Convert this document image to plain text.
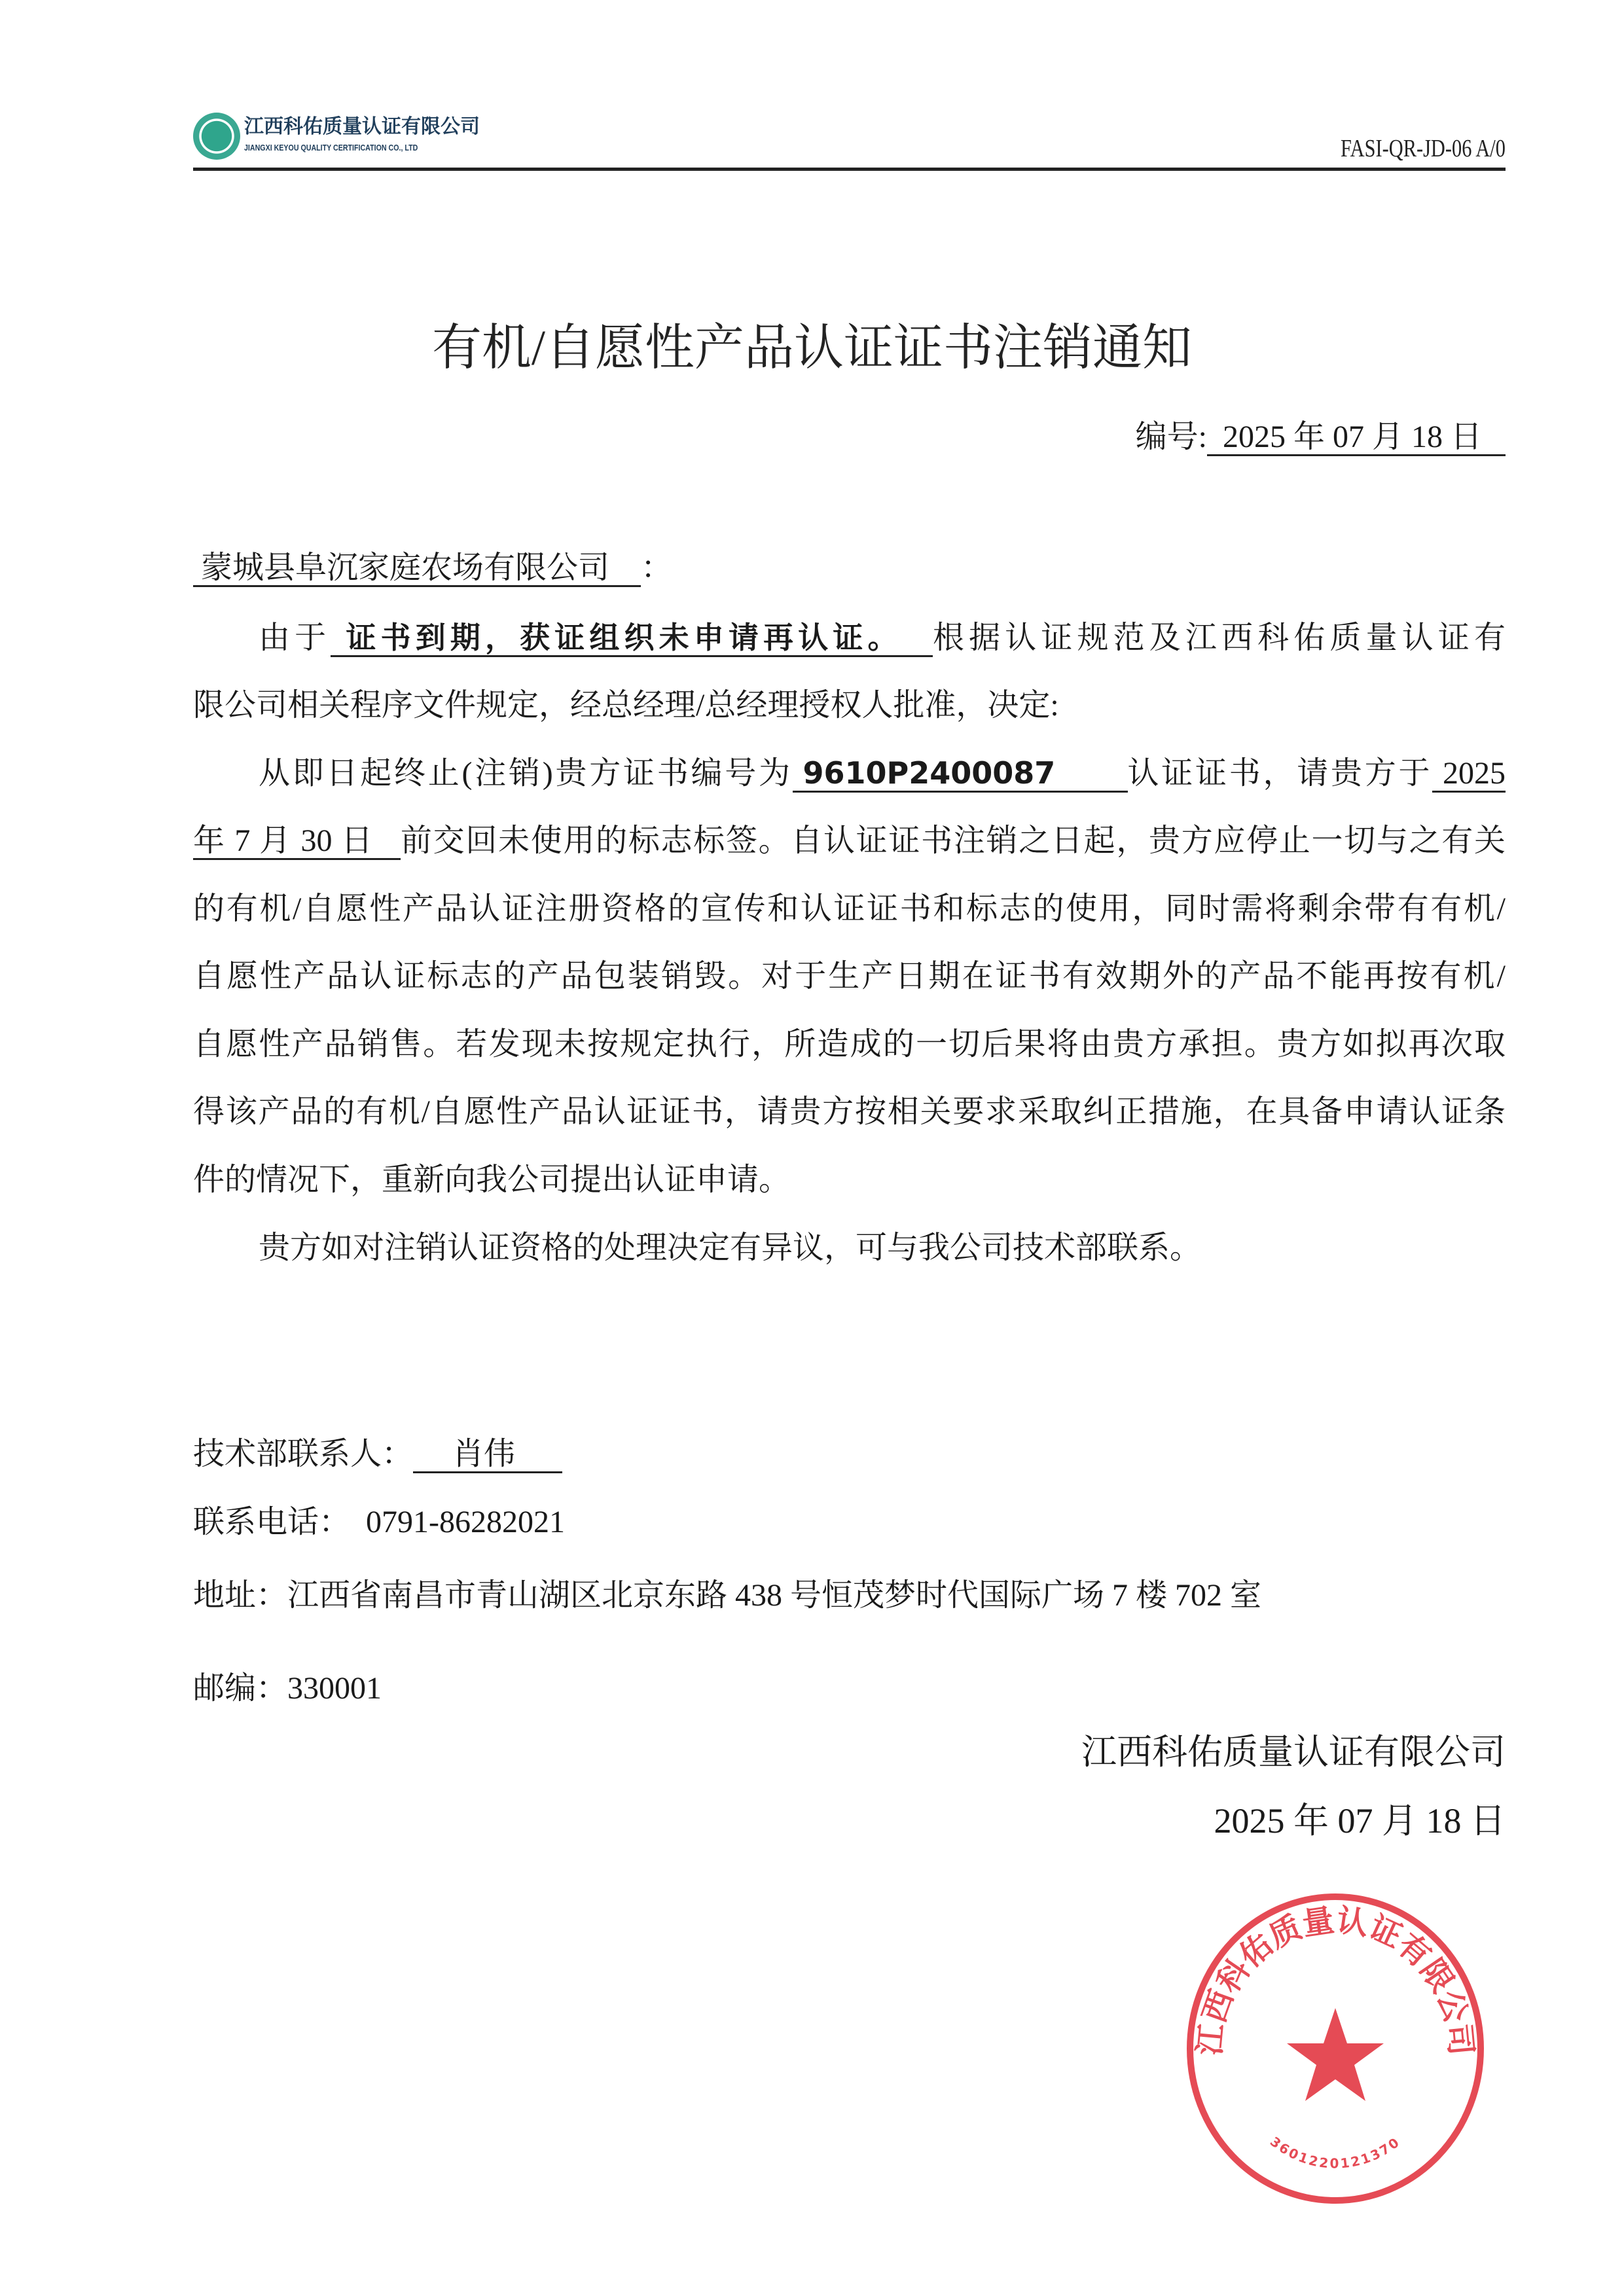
江西科佑质量认证有限公司
JIANGXI KEYOU QUALITY CERTIFICATION CO., LTD	FASI-QR-JD-06 A/0
有机/自愿性产品认证证书注销通知
编号: 2025 年 07 月 18 日
蒙城县阜沉家庭农场有限公司 ：
由于 证书到期，获证组织未申请再认证。 根据认证规范及江西科佑质量认证有
限公司相关程序文件规定，经总经理/总经理授权人批准，决定:
从即日起终止(注销)贵方证书编号为 9610P2400087 认证证书，请贵方于 2025
年 7 月 30 日 前交回未使用的标志标签。自认证证书注销之日起，贵方应停止一切与之有关
的有机/自愿性产品认证注册资格的宣传和认证证书和标志的使用，同时需将剩余带有有机/
自愿性产品认证标志的产品包装销毁。对于生产日期在证书有效期外的产品不能再按有机/
自愿性产品销售。若发现未按规定执行，所造成的一切后果将由贵方承担。贵方如拟再次取
得该产品的有机/自愿性产品认证证书，请贵方按相关要求采取纠正措施，在具备申请认证条
件的情况下，重新向我公司提出认证申请。
贵方如对注销认证资格的处理决定有异议，可与我公司技术部联系。
技术部联系人： 肖伟
联系电话： 0791-86282021
地址：江西省南昌市青山湖区北京东路 438 号恒茂梦时代国际广场 7 楼 702 室
邮编：330001
江西科佑质量认证有限公司
2025 年 07 月 18 日
江西科佑质量认证有限公司
3601220121370
